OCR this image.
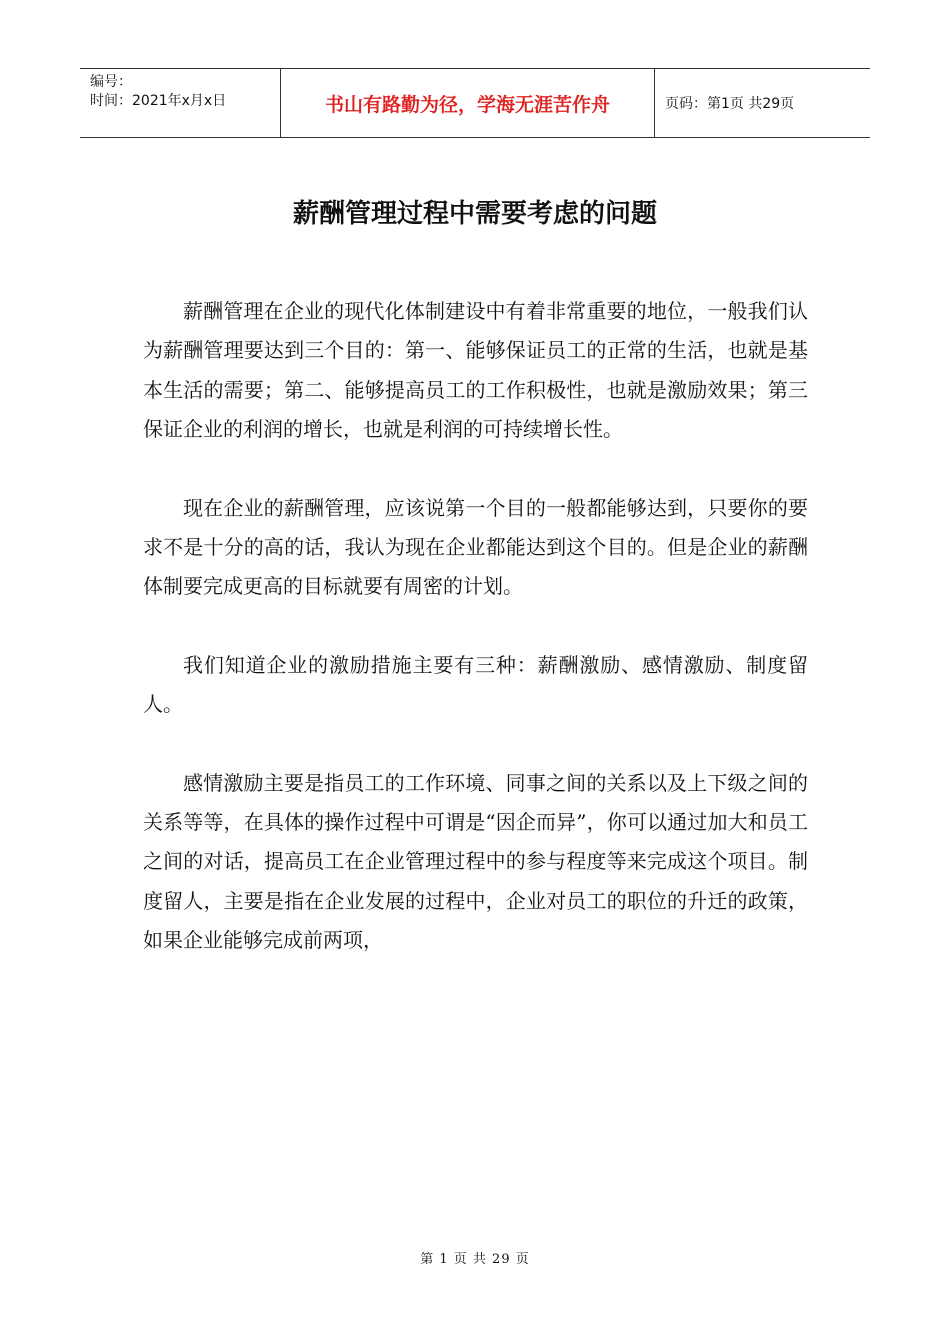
编号：
时间：2021年x月x日	书山有路勤为径，学海无涯苦作舟	页码：第1页 共29页
薪酬管理过程中需要考虑的问题

薪酬管理在企业的现代化体制建设中有着非常重要的地位，一般我们认为薪酬管理要达到三个目的：第一、能够保证员工的正常的生活，也就是基本生活的需要；第二、能够提高员工的工作积极性，也就是激励效果；第三保证企业的利润的增长，也就是利润的可持续增长性。

现在企业的薪酬管理，应该说第一个目的一般都能够达到，只要你的要求不是十分的高的话，我认为现在企业都能达到这个目的。但是企业的薪酬体制要完成更高的目标就要有周密的计划。

我们知道企业的激励措施主要有三种：薪酬激励、感情激励、制度留人。

感情激励主要是指员工的工作环境、同事之间的关系以及上下级之间的关系等等，在具体的操作过程中可谓是“因企而异”，你可以通过加大和员工之间的对话，提高员工在企业管理过程中的参与程度等来完成这个项目。制度留人，主要是指在企业发展的过程中，企业对员工的职位的升迁的政策，如果企业能够完成前两项，

第 1 页 共 29 页
